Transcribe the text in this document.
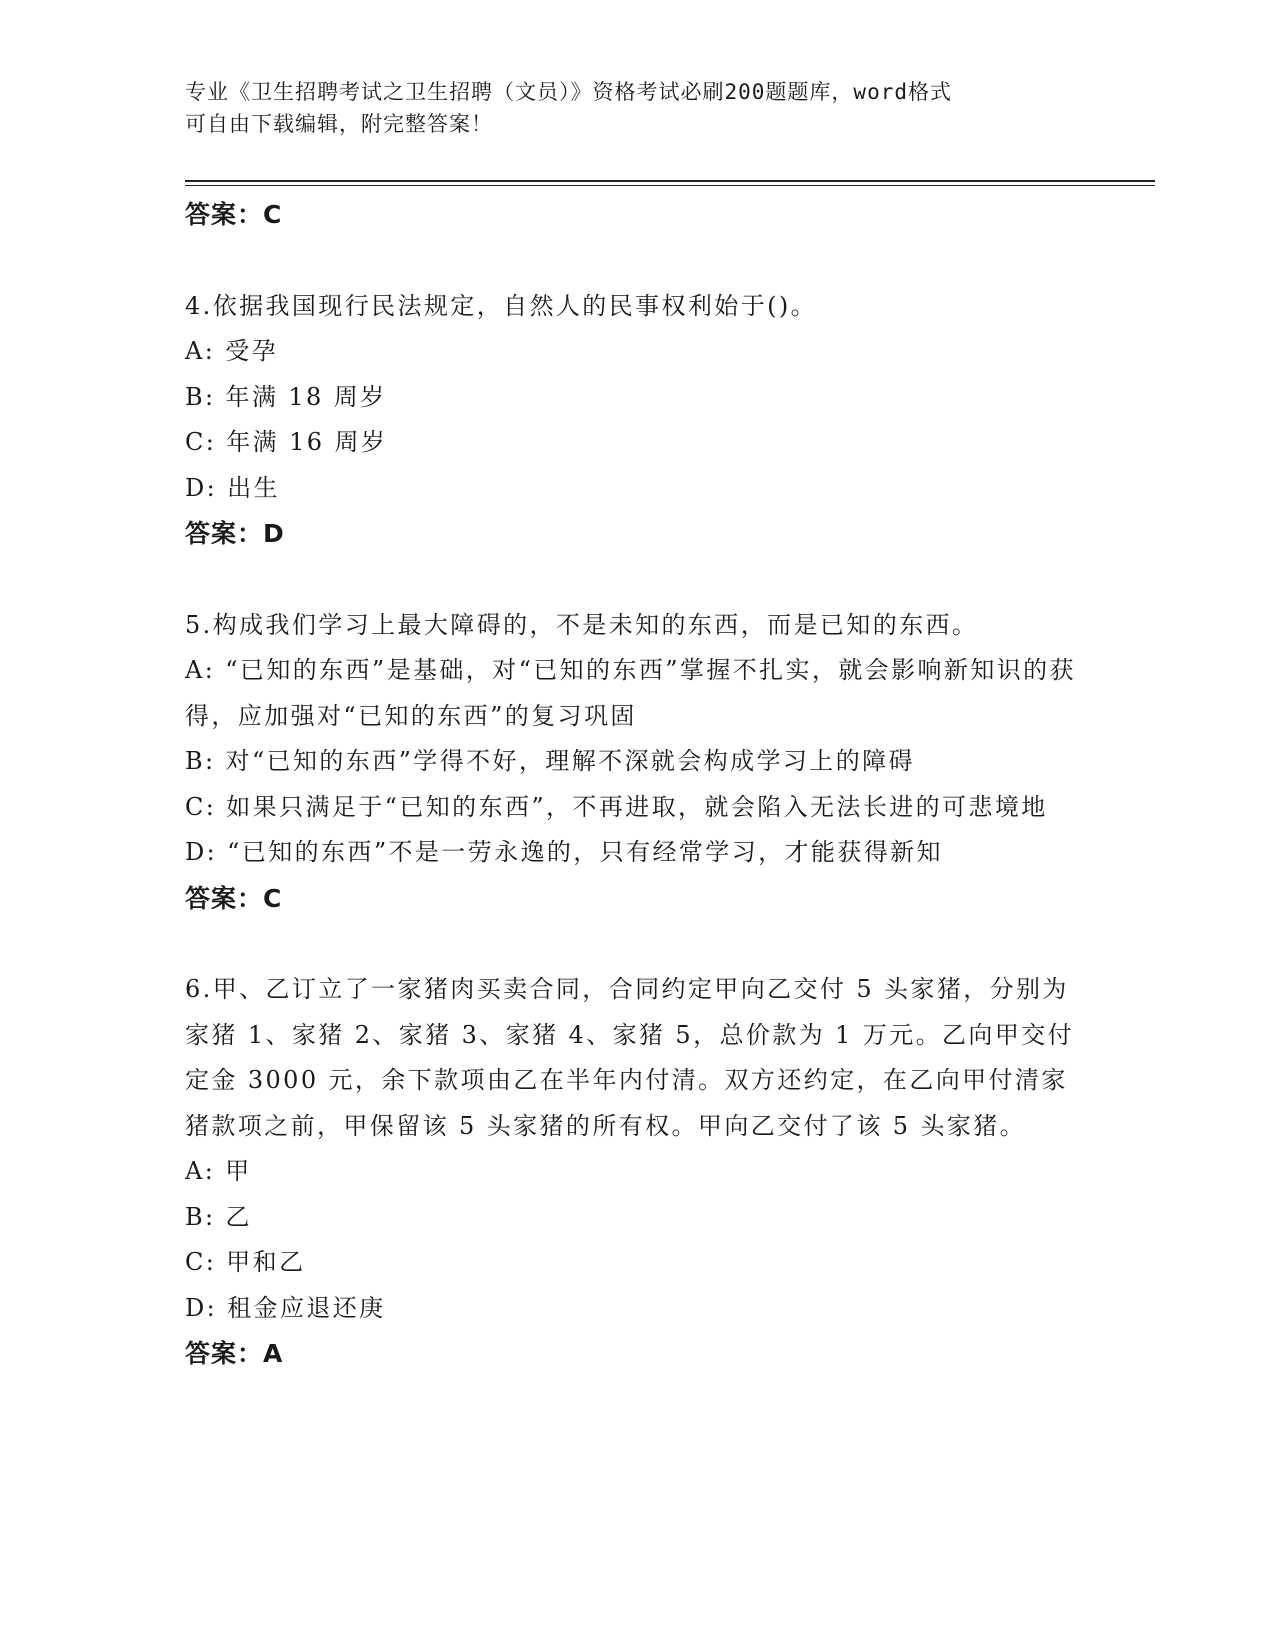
专业《卫生招聘考试之卫生招聘（文员）》资格考试必刷200题题库，word格式
可自由下载编辑，附完整答案！
答案：C
4.依据我国现行民法规定，自然人的民事权利始于()。
A: 受孕
B: 年满 18 周岁
C: 年满 16 周岁
D: 出生
答案：D
5.构成我们学习上最大障碍的，不是未知的东西，而是已知的东西。
A: “已知的东西”是基础，对“已知的东西”掌握不扎实，就会影响新知识的获得，应加强对“已知的东西”的复习巩固
B: 对“已知的东西”学得不好，理解不深就会构成学习上的障碍
C: 如果只满足于“已知的东西”，不再进取，就会陷入无法长进的可悲境地
D: “已知的东西”不是一劳永逸的，只有经常学习，才能获得新知
答案：C
6.甲、乙订立了一家猪肉买卖合同，合同约定甲向乙交付 5 头家猪，分别为家猪 1、家猪 2、家猪 3、家猪 4、家猪 5，总价款为 1 万元。乙向甲交付定金 3000 元，余下款项由乙在半年内付清。双方还约定，在乙向甲付清家猪款项之前，甲保留该 5 头家猪的所有权。甲向乙交付了该 5 头家猪。
A: 甲
B: 乙
C: 甲和乙
D: 租金应退还庚
答案：A
